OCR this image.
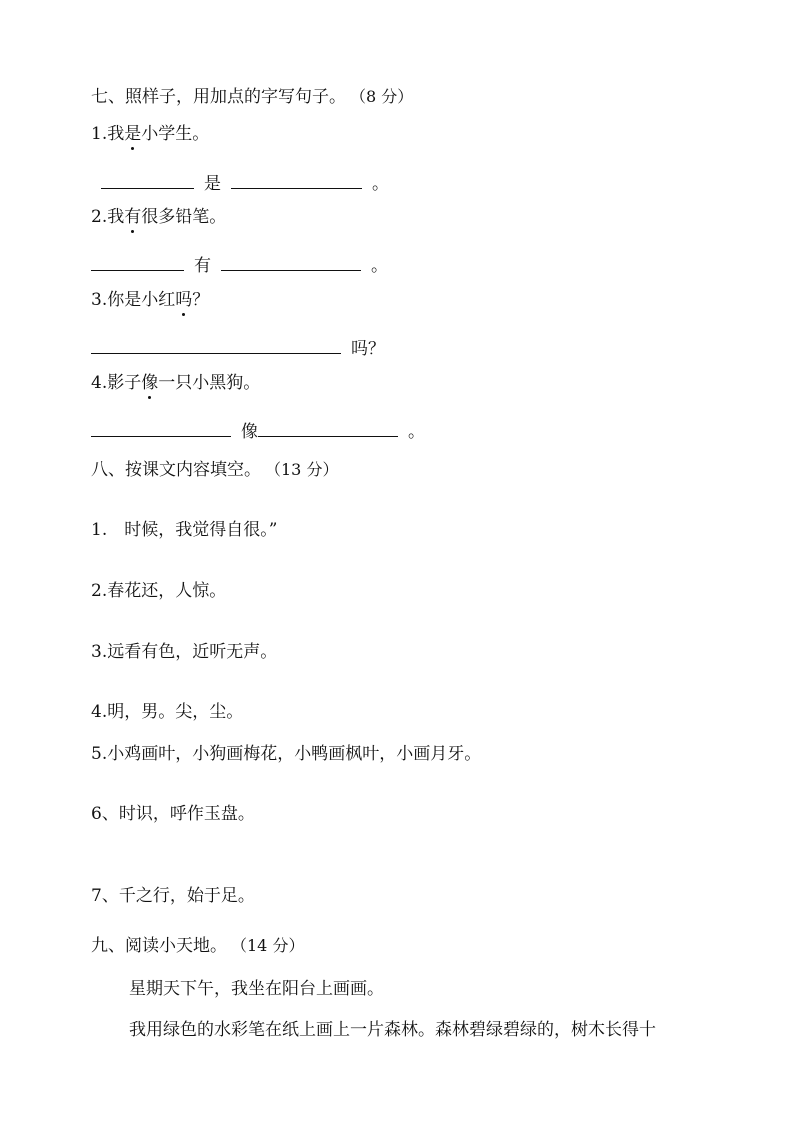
七、照样子，用加点的字写句子。 （8 分）
1.我是小学生。
是	。
2.我有很多铅笔。
有	。
3.你是小红吗？
吗？
4.影子像一只小黑狗。
像	。
八、按课文内容填空。 （13 分）
1.　时候，我觉得自很。”
2.春花还，人惊。
3.远看有色，近听无声。
4.明，男。尖，尘。
5.小鸡画叶，小狗画梅花，小鸭画枫叶，小画月牙。
6、时识，呼作玉盘。
7、千之行，始于足。
九、阅读小天地。 （14 分）
星期天下午，我坐在阳台上画画。
我用绿色的水彩笔在纸上画上一片森林。森林碧绿碧绿的，树木长得十
